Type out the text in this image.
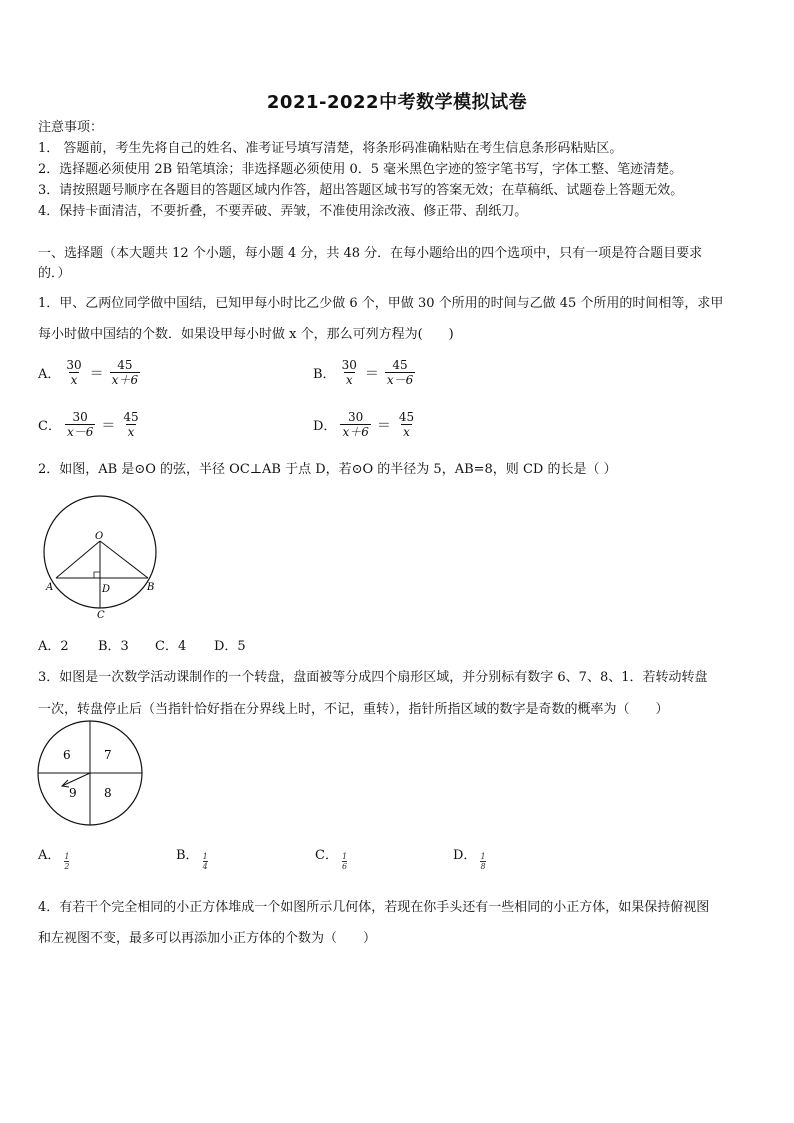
2021-2022中考数学模拟试卷
注意事项：
1． 答题前，考生先将自己的姓名、准考证号填写清楚，将条形码准确粘贴在考生信息条形码粘贴区。
2．选择题必须使用 2B 铅笔填涂；非选择题必须使用 0．5 毫米黑色字迹的签字笔书写，字体工整、笔迹清楚。
3．请按照题号顺序在各题目的答题区域内作答，超出答题区域书写的答案无效；在草稿纸、试题卷上答题无效。
4．保持卡面清洁，不要折叠，不要弄破、弄皱，不准使用涂改液、修正带、刮纸刀。
一、选择题（本大题共 12 个小题，每小题 4 分，共 48 分．在每小题给出的四个选项中，只有一项是符合题目要求
的．）
1．甲、乙两位同学做中国结，已知甲每小时比乙少做 6 个，甲做 30 个所用的时间与乙做 45 个所用的时间相等，求甲
每小时做中国结的个数．如果设甲每小时做 x 个，那么可列方程为(　　)
A． $\frac{30}{x} = \frac{45}{x+6}$	B． $\frac{30}{x} = \frac{45}{x-6}$
C． $\frac{30}{x-6} = \frac{45}{x}$	D． $\frac{30}{x+6} = \frac{45}{x}$
2．如图，AB 是⊙O 的弦，半径 OC⊥AB 于点 D，若⊙O 的半径为 5，AB=8，则 CD 的长是（ ）
O
A	B
C
D
A．2 B．3 C．4 D．5
3．如图是一次数学活动课制作的一个转盘，盘面被等分成四个扇形区域，并分别标有数字 6、7、8、1．若转动转盘
一次，转盘停止后（当指针恰好指在分界线上时，不记，重转），指针所指区域的数字是奇数的概率为（　　）
6	7
9 8
A． $\frac{1}{2}$	B． $\frac{1}{4}$	C． $\frac{1}{6}$	D． $\frac{1}{8}$
4．有若干个完全相同的小正方体堆成一个如图所示几何体，若现在你手头还有一些相同的小正方体，如果保持俯视图
和左视图不变，最多可以再添加小正方体的个数为（　　）
